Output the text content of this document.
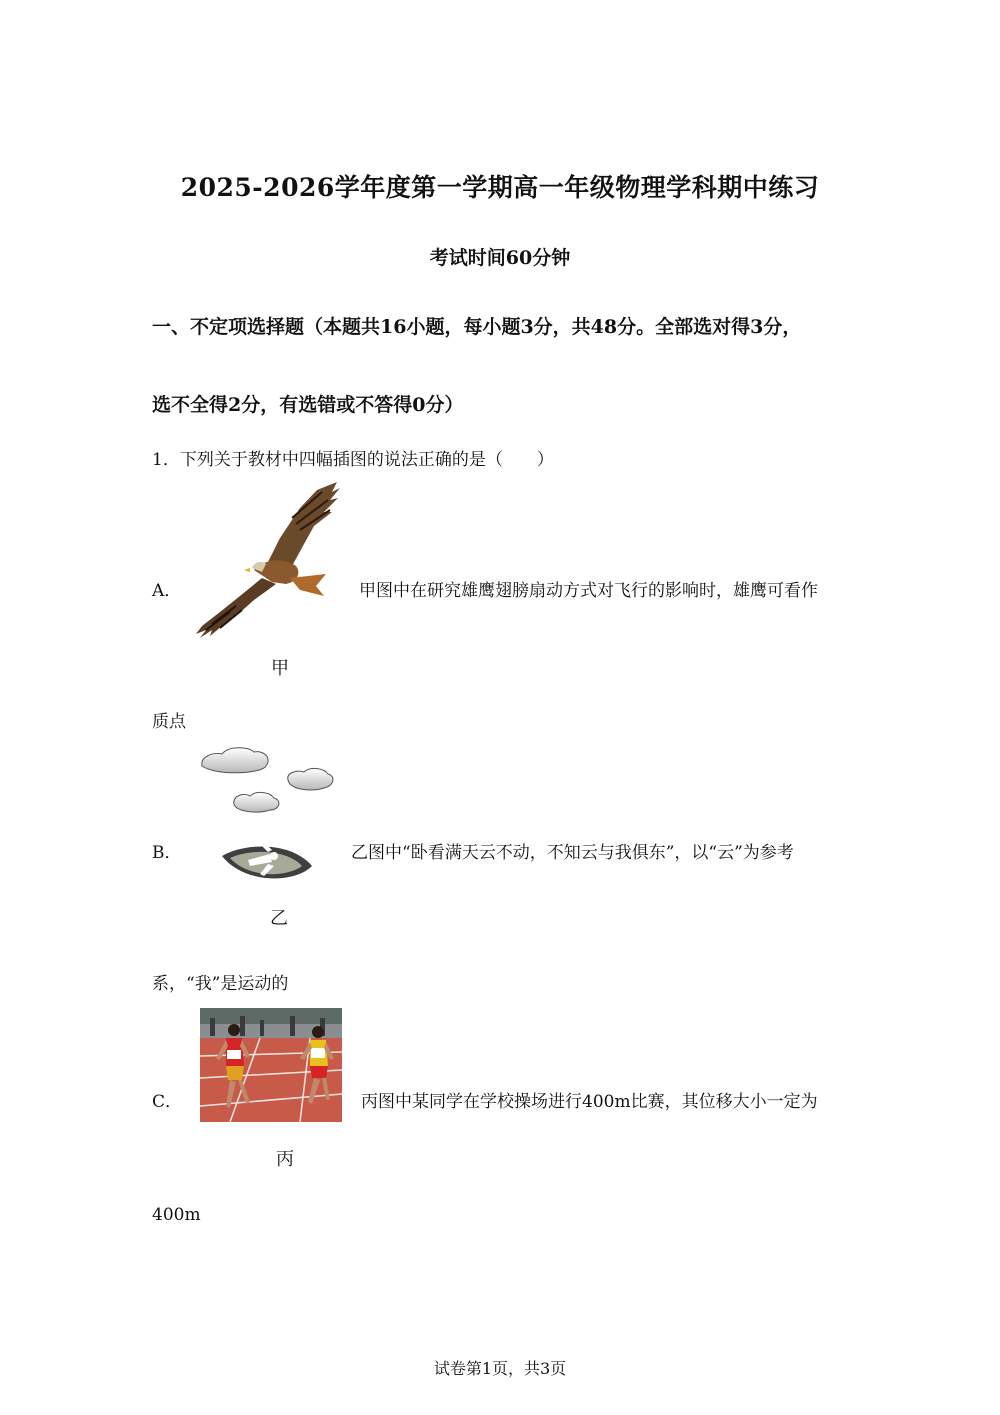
2025-2026学年度第一学期高一年级物理学科期中练习
考试时间60分钟
一、不定项选择题（本题共16小题，每小题3分，共48分。全部选对得3分，
选不全得2分，有选错或不答得0分）
1．下列关于教材中四幅插图的说法正确的是（　　）
A．	甲图中在研究雄鹰翅膀扇动方式对飞行的影响时，雄鹰可看作
甲
质点
B．	乙图中“卧看满天云不动，不知云与我俱东”，以“云”为参考
乙
系，“我”是运动的
C．	丙图中某同学在学校操场进行400m比赛，其位移大小一定为
丙
400m
试卷第1页，共3页
